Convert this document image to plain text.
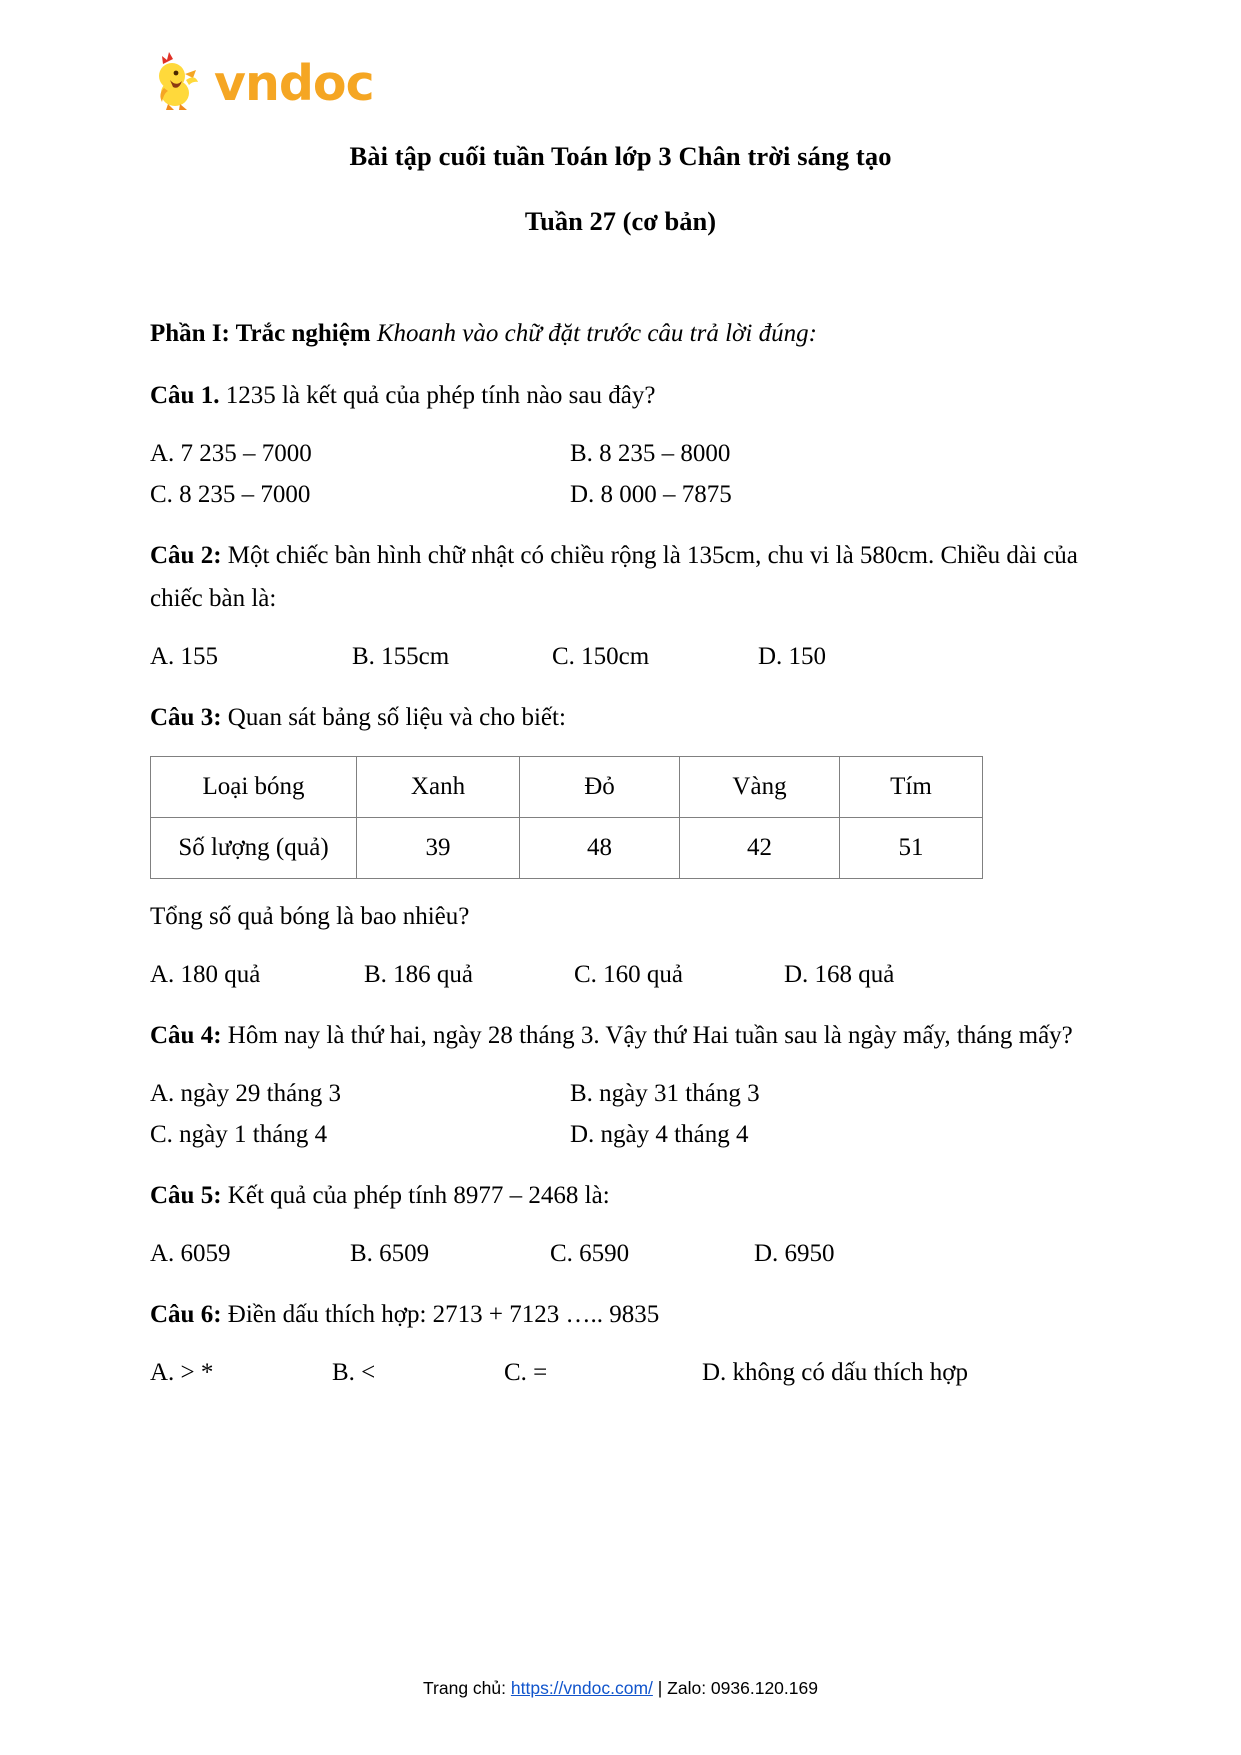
vndoc
Bài tập cuối tuần Toán lớp 3 Chân trời sáng tạo
Tuần 27 (cơ bản)

Phần I: Trắc nghiệm Khoanh vào chữ đặt trước câu trả lời đúng:

Câu 1. 1235 là kết quả của phép tính nào sau đây?

A. 7 235 – 7000	B. 8 235 – 8000
C. 8 235 – 7000	D. 8 000 – 7875

Câu 2: Một chiếc bàn hình chữ nhật có chiều rộng là 135cm, chu vi là 580cm. Chiều dài của chiếc bàn là:

A. 155	B. 155cm	C. 150cm	D. 150

Câu 3: Quan sát bảng số liệu và cho biết:

Loại bóng	Xanh	Đỏ	Vàng	Tím
Số lượng (quả)	39	48	42	51

Tổng số quả bóng là bao nhiêu?

A. 180 quả	B. 186 quả	C. 160 quả	D. 168 quả

Câu 4: Hôm nay là thứ hai, ngày 28 tháng 3. Vậy thứ Hai tuần sau là ngày mấy, tháng mấy?

A. ngày 29 tháng 3	B. ngày 31 tháng 3
C. ngày 1 tháng 4	D. ngày 4 tháng 4

Câu 5: Kết quả của phép tính 8977 – 2468 là:

A. 6059	B. 6509	C. 6590	D. 6950

Câu 6: Điền dấu thích hợp: 2713 + 7123 ….. 9835

A. > *	B. <	C. =	D. không có dấu thích hợp
Trang chủ: https://vndoc.com/ | Zalo: 0936.120.169
